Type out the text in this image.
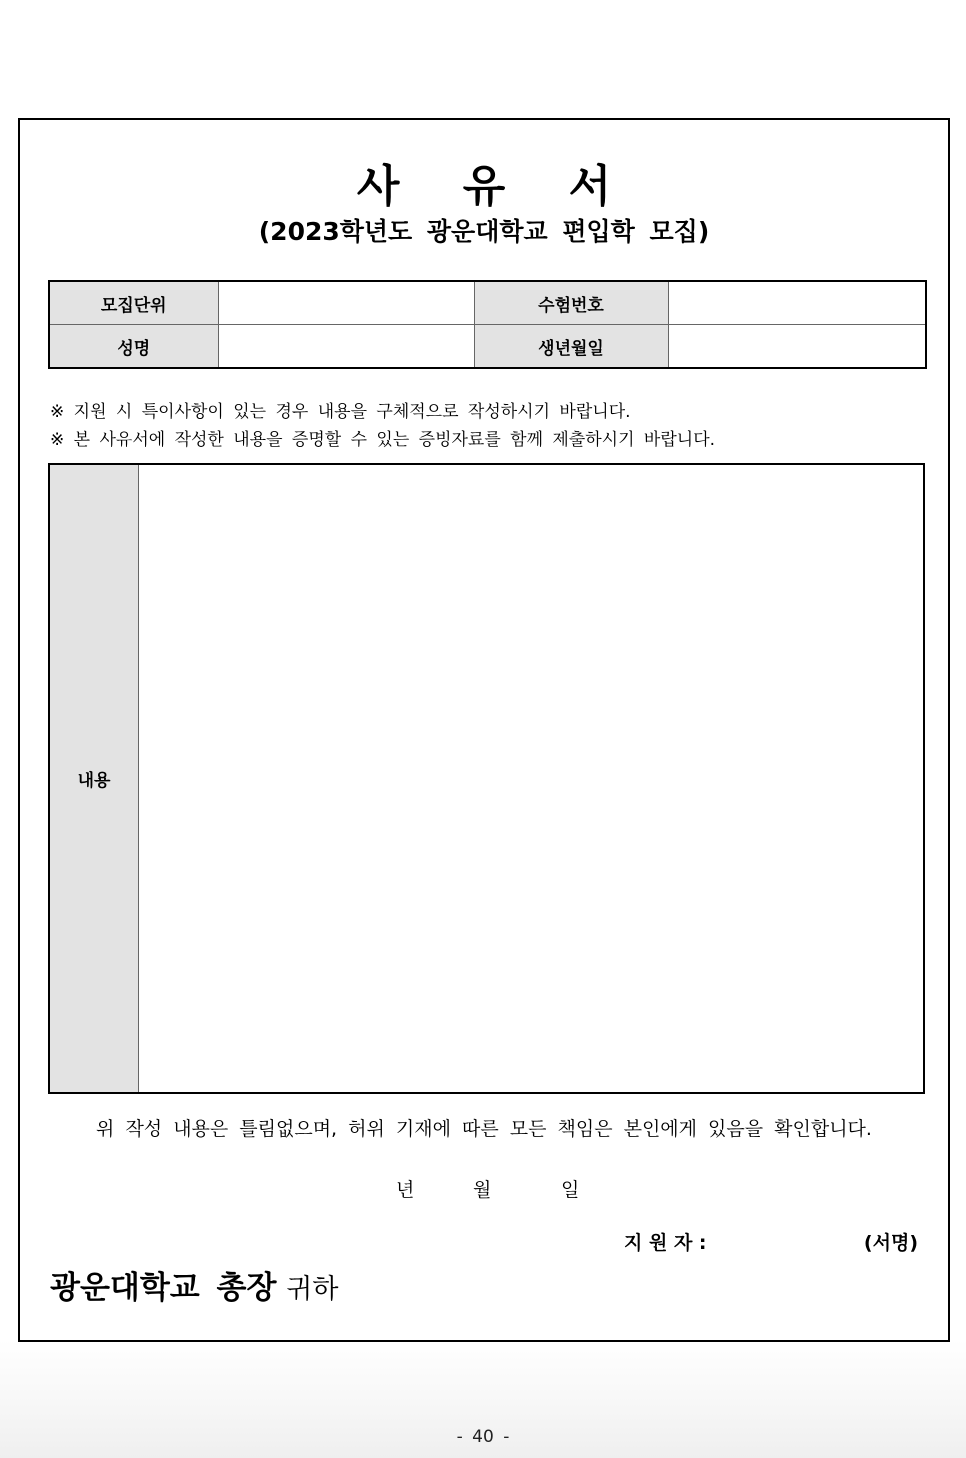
사 유 서
(2023학년도 광운대학교 편입학 모집)
모집단위		수험번호	
성명		생년월일	
※ 지원 시 특이사항이 있는 경우 내용을 구체적으로 작성하시기 바랍니다.
※ 본 사유서에 작성한 내용을 증명할 수 있는 증빙자료를 함께 제출하시기 바랍니다.
내용
위 작성 내용은 틀림없으며, 허위 기재에 따른 모든 책임은 본인에게 있음을 확인합니다.
년	월	일
지 원 자 :	(서명)
광운대학교 총장 귀하
- 40 -
